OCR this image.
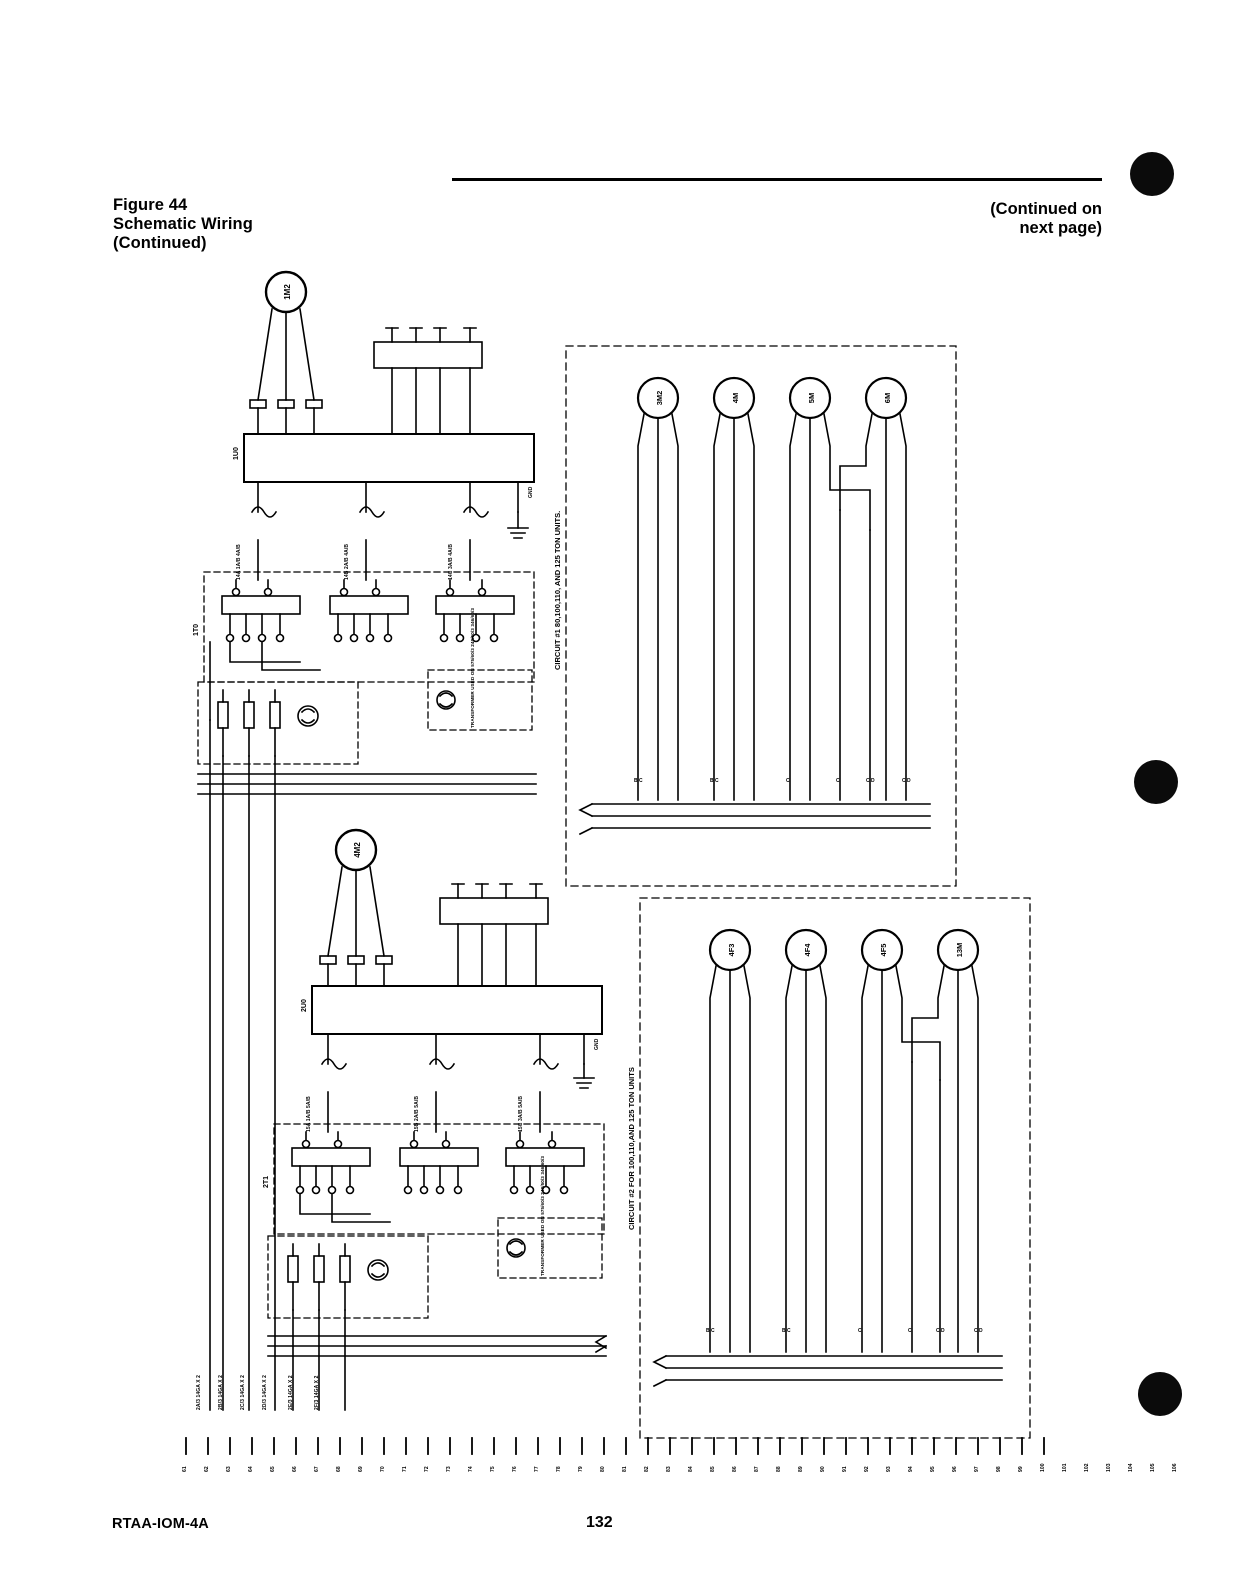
Figure 44
Schematic Wiring
(Continued)
(Continued on
next page)
1M2
1U0
1T0	CIRCUIT #1 80,100,110, AND 125 TON UNITS.
3M2	4M	5M	6M
4M2
2U0
2T1	CIRCUIT #2 FOR 100,110,AND 125 TON UNITS
4F3	4F4	4F5	13M
2A/3 14GA X 2	2B/3 14GA X 2	2C/3 14GA X 2	2D/3 14GA X 2	2E/3 14GA X 2	2F/3 14GA X 2
TRANSFORMER USED ON 575/60/3 240/50/3 346/60/3
TRANSFORMER USED ON 575/60/3 240/50/3 346/60/3
GND
GND
B C	B C	C	C	C D	C D
B C	B C	C	C	C D	C D
14A 1A/B 4A/B	14B 2A/B 4A/B	14C 3A/B 4A/B
15A 1A/B 5A/B	15B 2A/B 5A/B	15C 3A/B 5A/B
61	62	63	64	65	66	67	68	69	70	71	72	73	74	75	76	77	78	79	80	81	82	83	84	85	86	87	88	89	90	91	92	93	94	95	96	97	98	99	100	101	102	103	104	105	106
RTAA-IOM-4A	132
